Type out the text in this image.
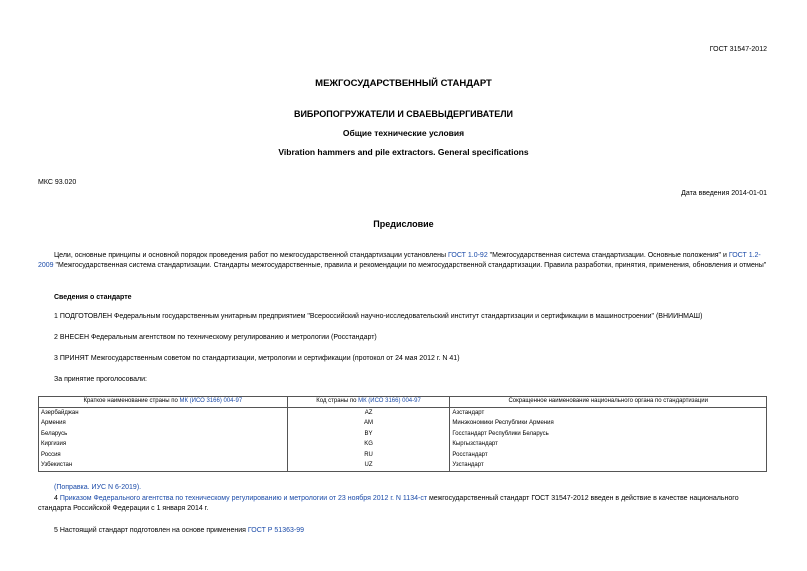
ГОСТ 31547-2012
МЕЖГОСУДАРСТВЕННЫЙ СТАНДАРТ
ВИБРОПОГРУЖАТЕЛИ И СВАЕВЫДЕРГИВАТЕЛИ
Общие технические условия
Vibration hammers and pile extractors. General specifications
МКС 93.020
Дата введения 2014-01-01
Предисловие
Цели, основные принципы и основной порядок проведения работ по межгосударственной стандартизации установлены ГОСТ 1.0-92 "Межгосударственная система стандартизации. Основные положения" и ГОСТ 1.2-2009 "Межгосударственная система стандартизации. Стандарты межгосударственные, правила и рекомендации по межгосударственной стандартизации. Правила разработки, принятия, применения, обновления и отмены"
Сведения о стандарте
1 ПОДГОТОВЛЕН Федеральным государственным унитарным предприятием "Всероссийский научно-исследовательский институт стандартизации и сертификации в машиностроении" (ВНИИНМАШ)
2 ВНЕСЕН Федеральным агентством по техническому регулированию и метрологии (Росстандарт)
3 ПРИНЯТ Межгосударственным советом по стандартизации, метрологии и сертификации (протокол от 24 мая 2012 г. N 41)
За принятие проголосовали:
Краткое наименование страны по МК (ИСО 3166) 004-97	Код страны по МК (ИСО 3166) 004-97	Сокращенное наименование национального органа по стандартизации
Азербайджан	AZ	Азстандарт
Армения	AM	Минэкономики Республики Армения
Беларусь	BY	Госстандарт Республики Беларусь
Киргизия	KG	Кыргызстандарт
Россия	RU	Росстандарт
Узбекистан	UZ	Узстандарт
(Поправка. ИУС N 6-2019).
4 Приказом Федерального агентства по техническому регулированию и метрологии от 23 ноября 2012 г. N 1134-ст межгосударственный стандарт ГОСТ 31547-2012 введен в действие в качестве национального стандарта Российской Федерации с 1 января 2014 г.
5 Настоящий стандарт подготовлен на основе применения ГОСТ Р 51363-99
